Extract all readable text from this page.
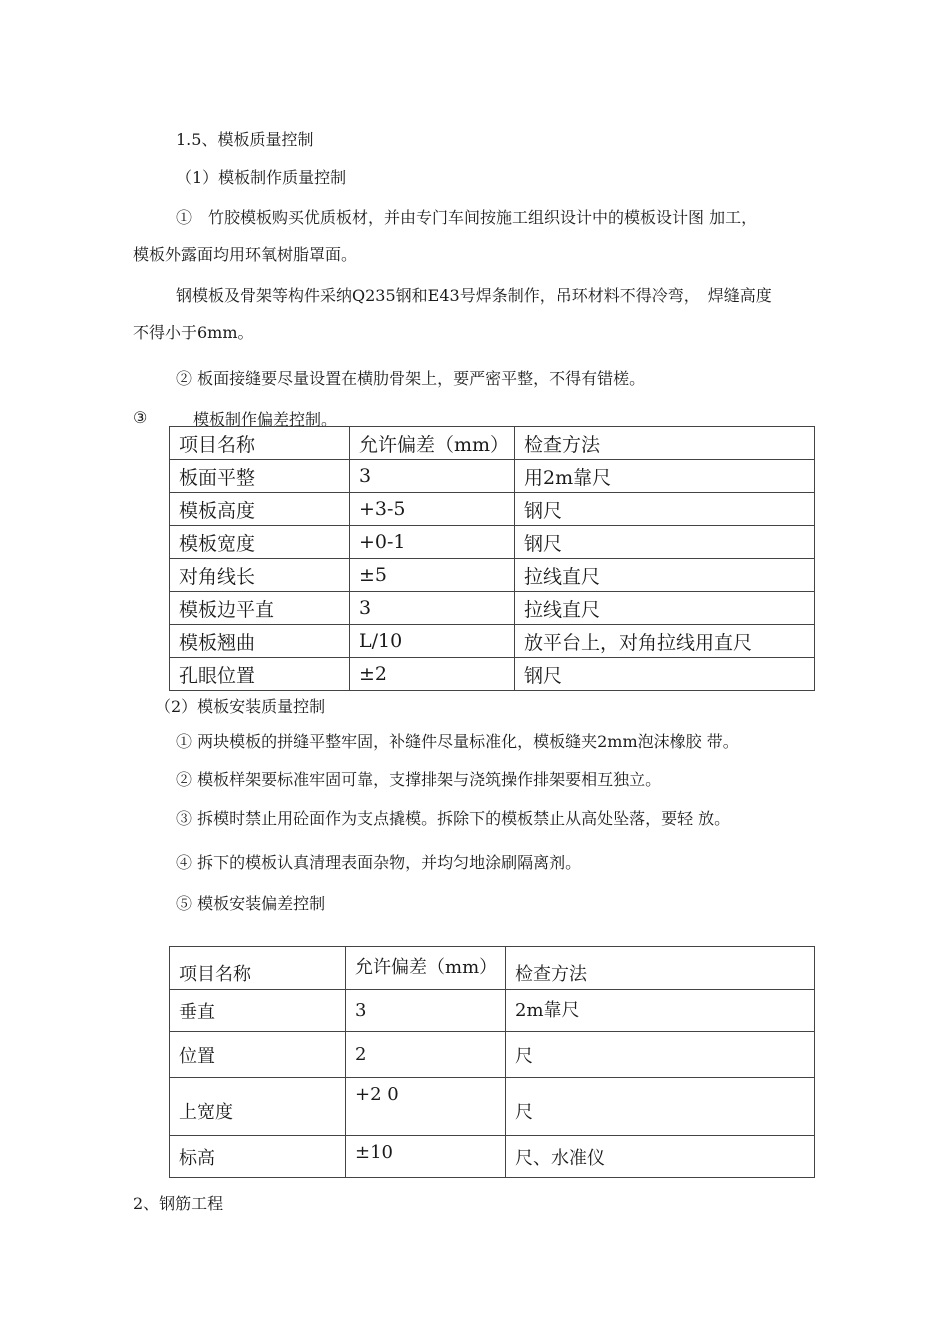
1.5、模板质量控制
（1）模板制作质量控制
①　竹胶模板购买优质板材，并由专门车间按施工组织设计中的模板设计图 加工，
模板外露面均用环氧树脂罩面。
钢模板及骨架等构件采纳Q235钢和E43号焊条制作，吊环材料不得冷弯，　焊缝高度
不得小于6mm。
② 板面接缝要尽量设置在横肋骨架上，要严密平整，不得有错槎。
③	模板制作偏差控制。
项目名称	允许偏差（mm）	检查方法
板面平整	3	用2m靠尺
模板高度	+3-5	钢尺
模板宽度	+0-1	钢尺
对角线长	±5	拉线直尺
模板边平直	3	拉线直尺
模板翘曲	L/10	放平台上，对角拉线用直尺
孔眼位置	±2	钢尺
（2）模板安装质量控制
① 两块模板的拼缝平整牢固，补缝件尽量标准化，模板缝夹2mm泡沫橡胶 带。
② 模板样架要标准牢固可靠，支撑排架与浇筑操作排架要相互独立。
③ 拆模时禁止用砼面作为支点撬模。拆除下的模板禁止从高处坠落，要轻 放。
④ 拆下的模板认真清理表面杂物，并均匀地涂刷隔离剂。
⑤ 模板安装偏差控制
项目名称	允许偏差（mm）	检查方法
垂直	3	2m靠尺
位置	2	尺
上宽度	+2 0	尺
标高	±10	尺、水准仪
2、钢筋工程
